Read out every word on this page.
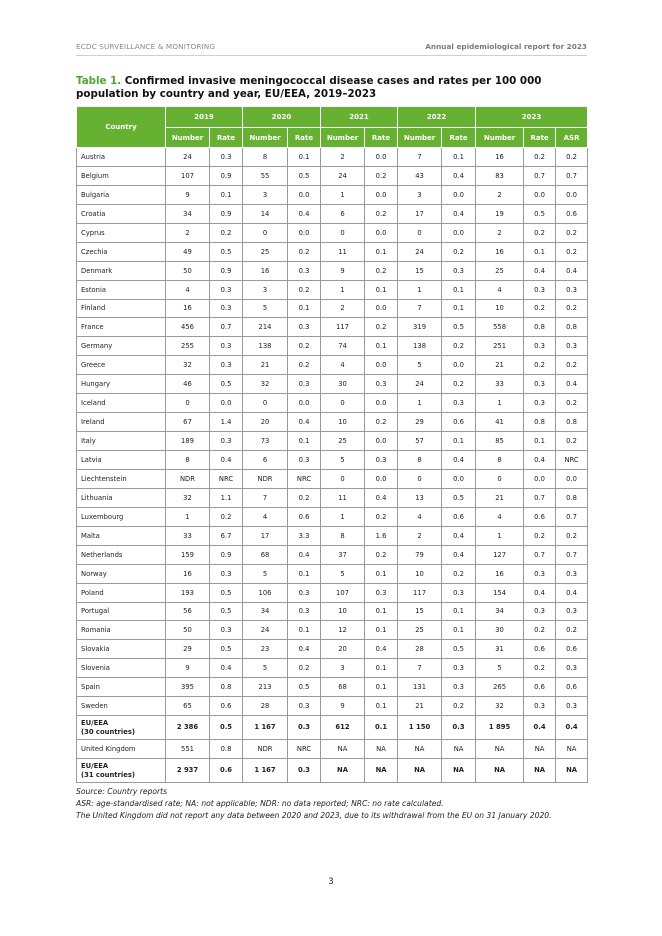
ECDC SURVEILLANCE & MONITORING	Annual epidemiological report for 2023
Table 1. Confirmed invasive meningococcal disease cases and rates per 100 000 population by country and year, EU/EEA, 2019–2023
Country	2019		2020		2021		2022		2023		
	Number	Rate	Number	Rate	Number	Rate	Number	Rate	Number	Rate	ASR
Austria	24	0.3	8	0.1	2	0.0	7	0.1	16	0.2	0.2
Belgium	107	0.9	55	0.5	24	0.2	43	0.4	83	0.7	0.7
Bulgaria	9	0.1	3	0.0	1	0.0	3	0.0	2	0.0	0.0
Croatia	34	0.9	14	0.4	6	0.2	17	0.4	19	0.5	0.6
Cyprus	2	0.2	0	0.0	0	0.0	0	0.0	2	0.2	0.2
Czechia	49	0.5	25	0.2	11	0.1	24	0.2	16	0.1	0.2
Denmark	50	0.9	16	0.3	9	0.2	15	0.3	25	0.4	0.4
Estonia	4	0.3	3	0.2	1	0.1	1	0.1	4	0.3	0.3
Finland	16	0.3	5	0.1	2	0.0	7	0.1	10	0.2	0.2
France	456	0.7	214	0.3	117	0.2	319	0.5	558	0.8	0.8
Germany	255	0.3	138	0.2	74	0.1	138	0.2	251	0.3	0.3
Greece	32	0.3	21	0.2	4	0.0	5	0.0	21	0.2	0.2
Hungary	46	0.5	32	0.3	30	0.3	24	0.2	33	0.3	0.4
Iceland	0	0.0	0	0.0	0	0.0	1	0.3	1	0.3	0.2
Ireland	67	1.4	20	0.4	10	0.2	29	0.6	41	0.8	0.8
Italy	189	0.3	73	0.1	25	0.0	57	0.1	85	0.1	0.2
Latvia	8	0.4	6	0.3	5	0.3	8	0.4	8	0.4	NRC
Liechtenstein	NDR	NRC	NDR	NRC	0	0.0	0	0.0	0	0.0	0.0
Lithuania	32	1.1	7	0.2	11	0.4	13	0.5	21	0.7	0.8
Luxembourg	1	0.2	4	0.6	1	0.2	4	0.6	4	0.6	0.7
Malta	33	6.7	17	3.3	8	1.6	2	0.4	1	0.2	0.2
Netherlands	159	0.9	68	0.4	37	0.2	79	0.4	127	0.7	0.7
Norway	16	0.3	5	0.1	5	0.1	10	0.2	16	0.3	0.3
Poland	193	0.5	106	0.3	107	0.3	117	0.3	154	0.4	0.4
Portugal	56	0.5	34	0.3	10	0.1	15	0.1	34	0.3	0.3
Romania	50	0.3	24	0.1	12	0.1	25	0.1	30	0.2	0.2
Slovakia	29	0.5	23	0.4	20	0.4	28	0.5	31	0.6	0.6
Slovenia	9	0.4	5	0.2	3	0.1	7	0.3	5	0.2	0.3
Spain	395	0.8	213	0.5	68	0.1	131	0.3	265	0.6	0.6
Sweden	65	0.6	28	0.3	9	0.1	21	0.2	32	0.3	0.3

EU/EEA
(30 countries)	2 386	0.5	1 167	0.3	612	0.1	1 150	0.3	1 895	0.4	0.4
United Kingdom	551	0.8	NDR	NRC	NA	NA	NA	NA	NA	NA	NA

EU/EEA
(31 countries)	2 937	0.6	1 167	0.3	NA	NA	NA	NA	NA	NA	NA
Source: Country reports
ASR: age-standardised rate; NA: not applicable; NDR: no data reported; NRC: no rate calculated.
The United Kingdom did not report any data between 2020 and 2023, due to its withdrawal from the EU on 31 January 2020.
3
